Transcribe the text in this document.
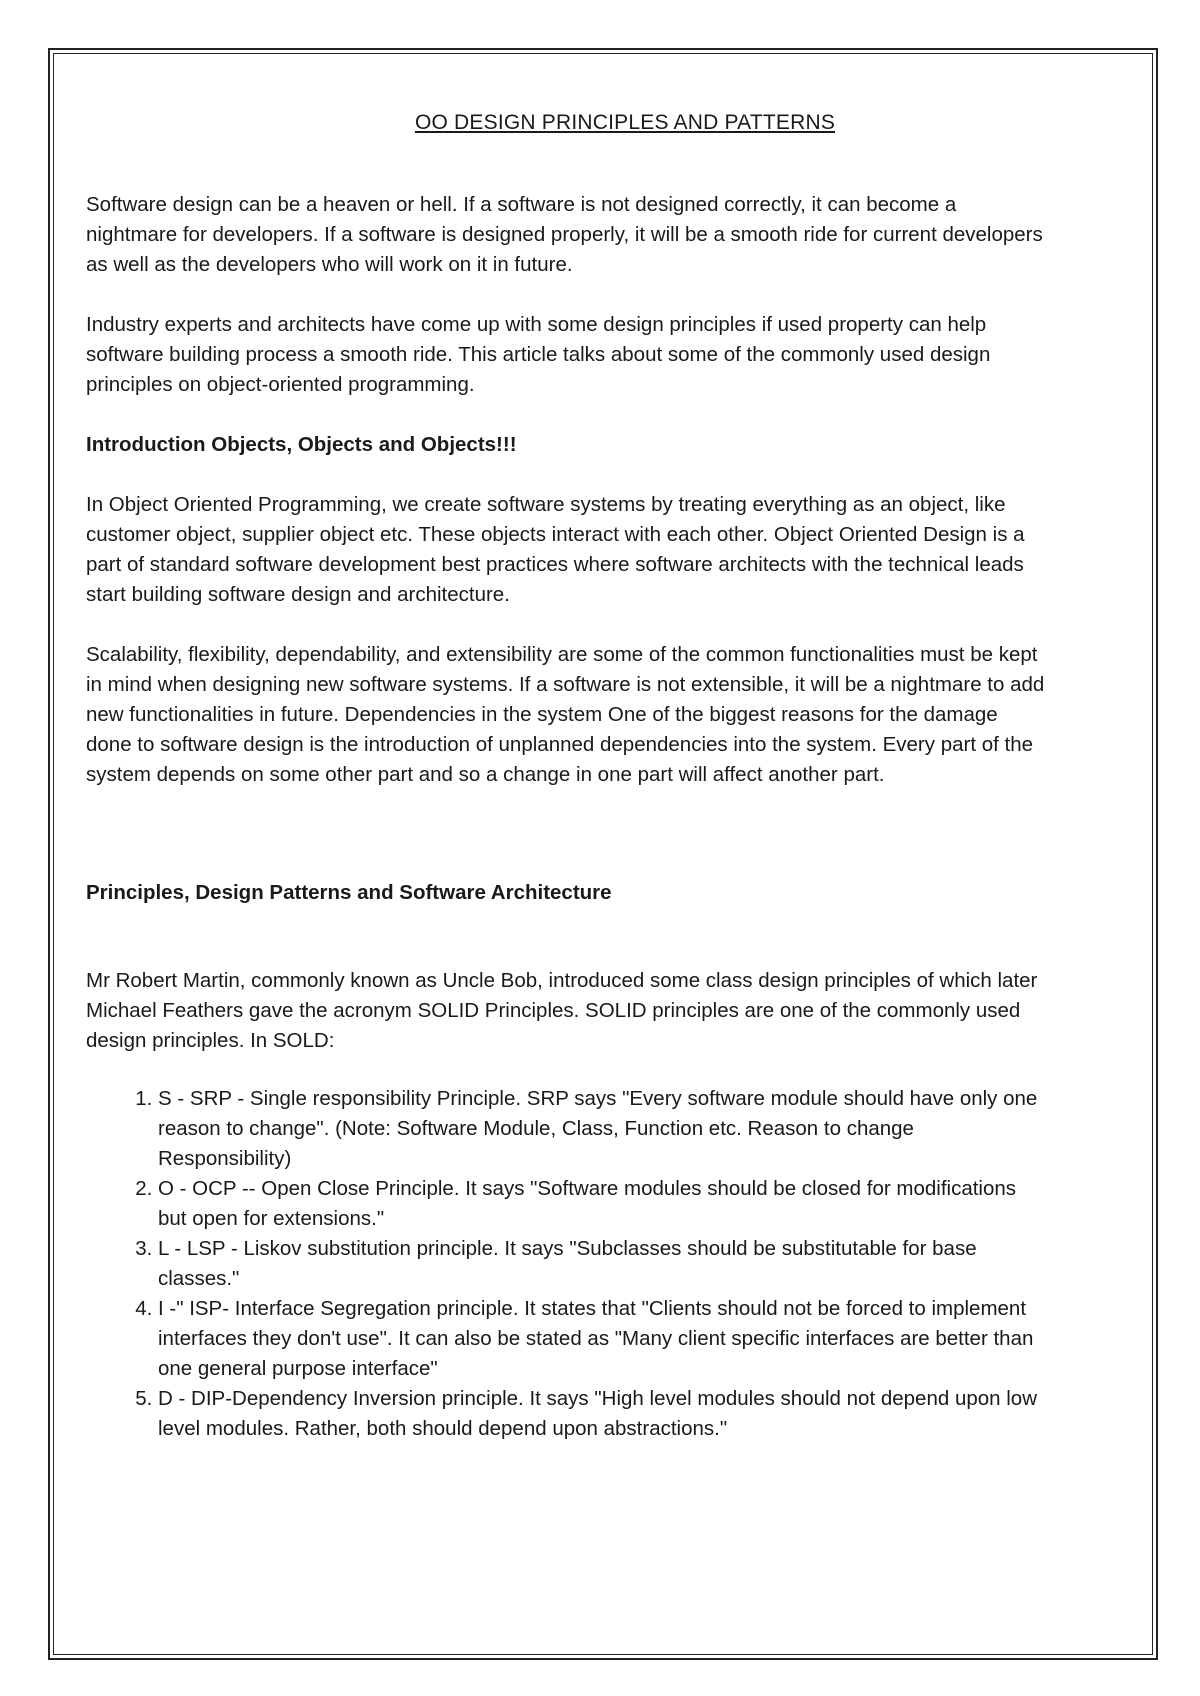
OO DESIGN PRINCIPLES AND PATTERNS

Software design can be a heaven or hell. If a software is not designed correctly, it can become a nightmare for developers. If a software is designed properly, it will be a smooth ride for current developers as well as the developers who will work on it in future.

Industry experts and architects have come up with some design principles if used property can help software building process a smooth ride. This article talks about some of the commonly used design principles on object-oriented programming.

Introduction Objects, Objects and Objects!!!

In Object Oriented Programming, we create software systems by treating everything as an object, like customer object, supplier object etc. These objects interact with each other. Object Oriented Design is a part of standard software development best practices where software architects with the technical leads start building software design and architecture.

Scalability, flexibility, dependability, and extensibility are some of the common functionalities must be kept in mind when designing new software systems. If a software is not extensible, it will be a nightmare to add new functionalities in future. Dependencies in the system One of the biggest reasons for the damage done to software design is the introduction of unplanned dependencies into the system. Every part of the system depends on some other part and so a change in one part will affect another part.

Principles, Design Patterns and Software Architecture

Mr Robert Martin, commonly known as Uncle Bob, introduced some class design principles of which later Michael Feathers gave the acronym SOLID Principles. SOLID principles are one of the commonly used design principles. In SOLD:

1. S - SRP - Single responsibility Principle. SRP says "Every software module should have only one reason to change". (Note: Software Module, Class, Function etc. Reason to change Responsibility)
2. O - OCP -- Open Close Principle. It says "Software modules should be closed for modifications but open for extensions."
3. L - LSP - Liskov substitution principle. It says "Subclasses should be substitutable for base classes."
4. I -" ISP- Interface Segregation principle. It states that "Clients should not be forced to implement interfaces they don't use". It can also be stated as "Many client specific interfaces are better than one general purpose interface"
5. D - DIP-Dependency Inversion principle. It says "High level modules should not depend upon low level modules. Rather, both should depend upon abstractions."
